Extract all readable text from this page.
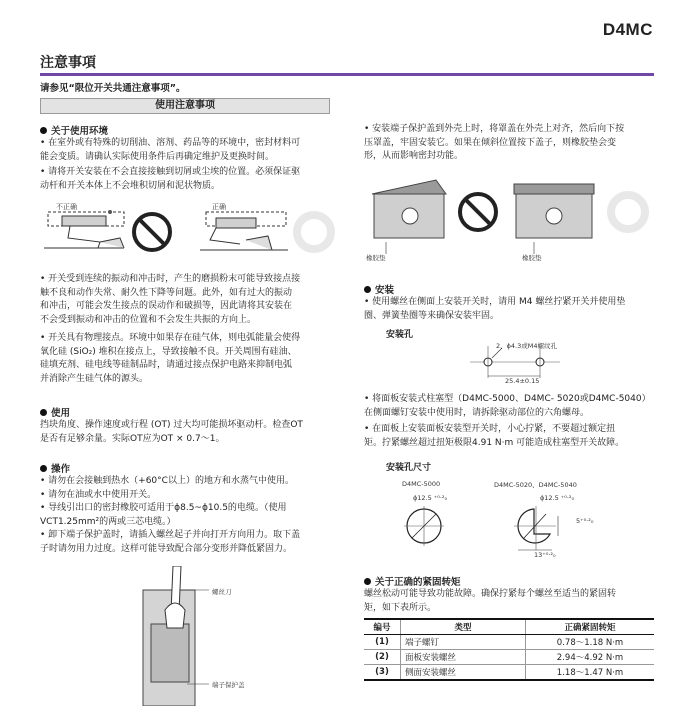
D4MC
注意事項
请参见“限位开关共通注意事项”。
使用注意事项
关于使用环境
• 在室外或有特殊的切削油、溶剂、药品等的环境中，密封材料可
能会变质。请确认实际使用条件后再确定维护及更换时间。
• 请将开关安装在不会直接接触到切屑或尘埃的位置。必须保证驱
动杆和开关本体上不会堆积切屑和泥状物质。
不正确	正确
• 开关受到连续的振动和冲击时，产生的磨损粉末可能导致接点接
触不良和动作失常、耐久性下降等问题。此外，如有过大的振动
和冲击，可能会发生接点的误动作和破损等，因此请将其安装在
不会受到振动和冲击的位置和不会发生共振的方向上。
• 开关具有物理接点。环境中如果存在硅气体，则电弧能量会使得
氧化硅 (SiO₂) 堆积在接点上，导致接触不良。开关周围有硅油、
硅填充剂、硅电线等硅制品时，请通过接点保护电路来抑制电弧
并消除产生硅气体的源头。
使用
挡块角度、操作速度或行程 (OT) 过大均可能损坏驱动杆。检查OT
是否有足够余量。实际OT应为OT × 0.7～1。
操作
• 请勿在会接触到热水（+60°C以上）的地方和水蒸气中使用。
• 请勿在油或水中使用开关。
• 导线引出口的密封橡胶可适用于ϕ8.5~ϕ10.5的电缆。（使用
VCT1.25mm²的两或三芯电缆。）
• 卸下端子保护盖时，请插入螺丝起子并向打开方向用力。取下盖
子时请勿用力过度。这样可能导致配合部分变形并降低紧固力。
螺丝刀
端子保护盖
• 安装端子保护盖到外壳上时，将罩盖在外壳上对齐，然后向下按
压罩盖，牢固安装它。如果在倾斜位置按下盖子，则橡胶垫会变
形，从而影响密封功能。
橡胶垫	橡胶垫
安装
• 使用螺丝在侧面上安装开关时，请用 M4 螺丝拧紧开关并使用垫
圈、弹簧垫圈等来确保安装牢固。
安装孔
2、ϕ4.3或M4螺纹孔
25.4±0.15
• 将面板安装式柱塞型（D4MC-5000、D4MC- 5020或D4MC-5040）
在侧面螺钉安装中使用时，请拆除驱动部位的六角螺母。
• 在面板上安装面板安装型开关时，小心拧紧，不要超过额定扭
矩。拧紧螺丝超过扭矩极限4.91 N·m 可能造成柱塞型开关故障。
安装孔尺寸
D4MC-5000	D4MC-5020、D4MC-5040
ϕ12.5 ⁺⁰·²₀	ϕ12.5 ⁺⁰·²₀
5⁺⁰·²₀
13⁺⁰·²₀
关于正确的紧固转矩
螺丝松动可能导致功能故障。确保拧紧每个螺丝至适当的紧固转
矩，如下表所示。
编号	类型	正确紧固转矩
(1)	端子螺钉	0.78～1.18 N·m
(2)	面板安装螺丝	2.94～4.92 N·m
(3)	侧面安装螺丝	1.18～1.47 N·m
